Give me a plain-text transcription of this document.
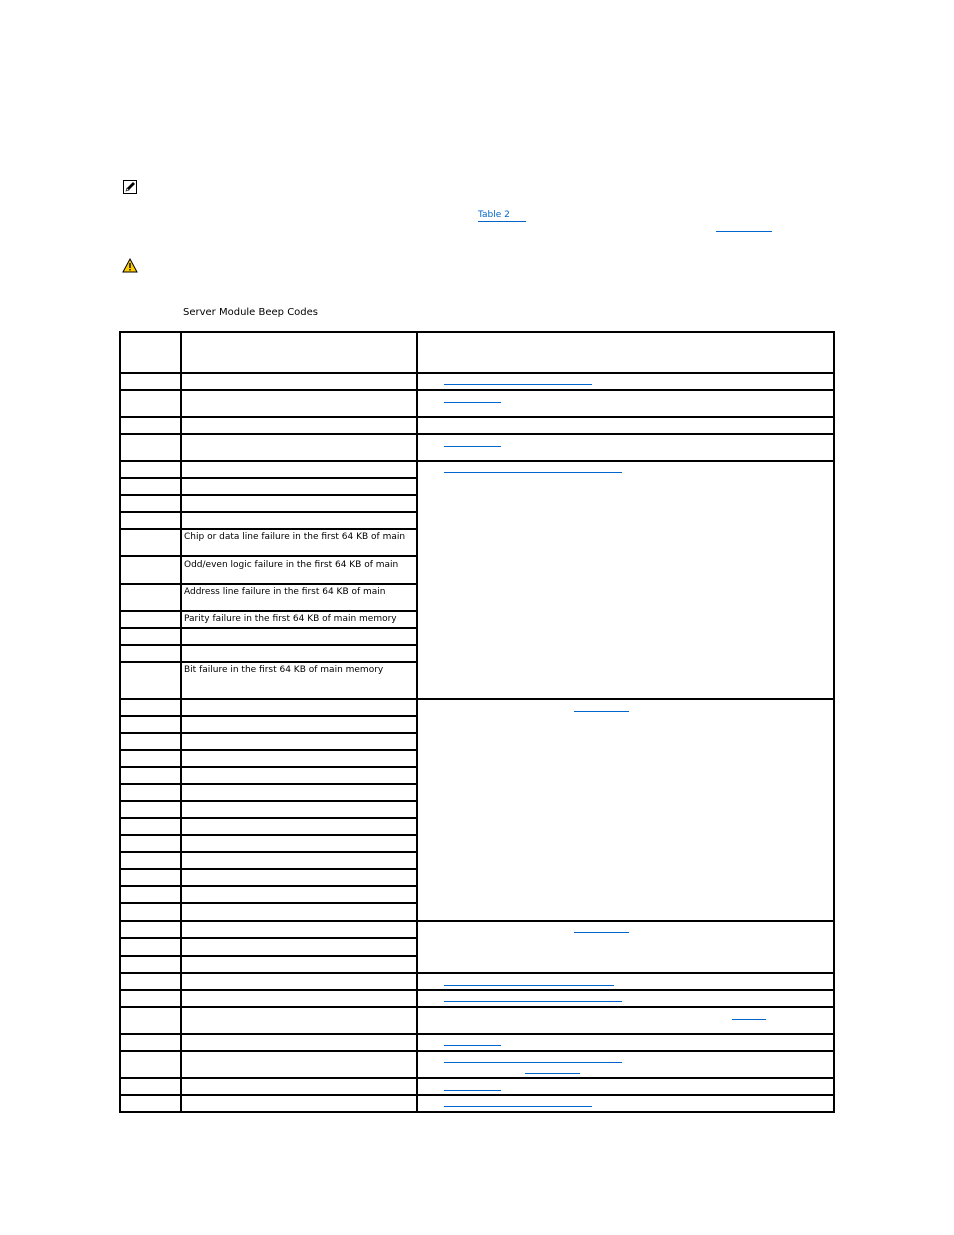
Table 2
Server Module Beep Codes
Chip or data line failure in the first 64 KB of main
Odd/even logic failure in the first 64 KB of main
Address line failure in the first 64 KB of main
Parity failure in the first 64 KB of main memory
Bit failure in the first 64 KB of main memory
